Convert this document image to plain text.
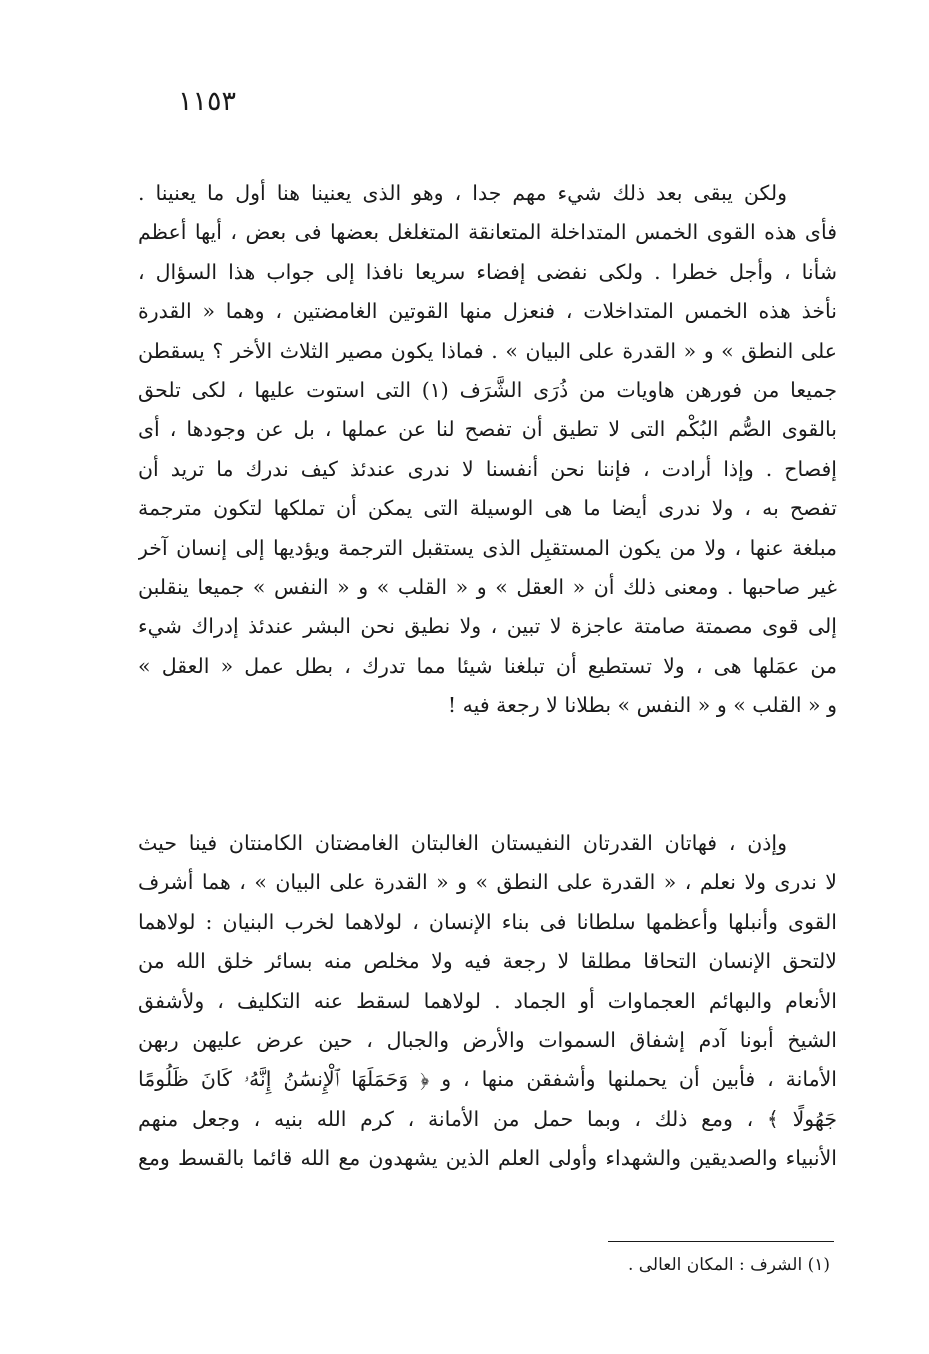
١١٥٣
ولكن يبقى بعد ذلك شيء مهم جدا ، وهو الذى يعنينا هنا أول ما يعنينا .
فأى هذه القوى الخمس المتداخلة المتعانقة المتغلغل بعضها فى بعض ، أيها أعظم
شأنا ، وأجل خطرا . ولكى نفضى إفضاء سريعا نافذا إلى جواب هذا السؤال ،
نأخذ هذه الخمس المتداخلات ، فنعزل منها القوتين الغامضتين ، وهما « القدرة
على النطق » و « القدرة على البيان » . فماذا يكون مصير الثلاث الأخر ؟ يسقطن
جميعا من فورهن هاويات من ذُرَى الشَّرَف (١) التى استوت عليها ، لكى تلحق
بالقوى الصُّم البُكْم التى لا تطيق أن تفصح لنا عن عملها ، بل عن وجودها ، أى
إفصاح . وإذا أرادت ، فإننا نحن أنفسنا لا ندرى عندئذ كيف ندرك ما تريد أن
تفصح به ، ولا ندرى أيضا ما هى الوسيلة التى يمكن أن تملكها لتكون مترجمة
مبلغة عنها ، ولا من يكون المستقبِل الذى يستقبل الترجمة ويؤديها إلى إنسان آخر
غير صاحبها . ومعنى ذلك أن « العقل » و « القلب » و « النفس » جميعا ينقلبن
إلى قوى مصمتة صامتة عاجزة لا تبين ، ولا نطيق نحن البشر عندئذ إدراك شيء
من عمَلها هى ، ولا تستطيع أن تبلغنا شيئا مما تدرك ، بطل عمل « العقل »
و « القلب » و « النفس » بطلانا لا رجعة فيه !
وإذن ، فهاتان القدرتان النفيستان الغالبتان الغامضتان الكامنتان فينا حيث
لا ندرى ولا نعلم ، « القدرة على النطق » و « القدرة على البيان » ، هما أشرف
القوى وأنبلها وأعظمها سلطانا فى بناء الإنسان ، لولاهما لخرب البنيان : لولاهما
لالتحق الإنسان التحاقا مطلقا لا رجعة فيه ولا مخلص منه بسائر خلق الله من
الأنعام والبهائم العجماوات أو الجماد . لولاهما لسقط عنه التكليف ، ولأشفق
الشيخ أبونا آدم إشفاق السموات والأرض والجبال ، حين عرض عليهن ربهن
الأمانة ، فأبين أن يحملنها وأشفقن منها ، و ﴿ وَحَمَلَهَا ٱلْإِنسَٰنُ إِنَّهُۥ كَانَ ظَلُومًا
جَهُولًا ﴾ ، ومع ذلك ، وبما حمل من الأمانة ، كرم الله بنيه ، وجعل منهم
الأنبياء والصديقين والشهداء وأولى العلم الذين يشهدون مع الله قائما بالقسط ومع
(١) الشرف : المكان العالى .
